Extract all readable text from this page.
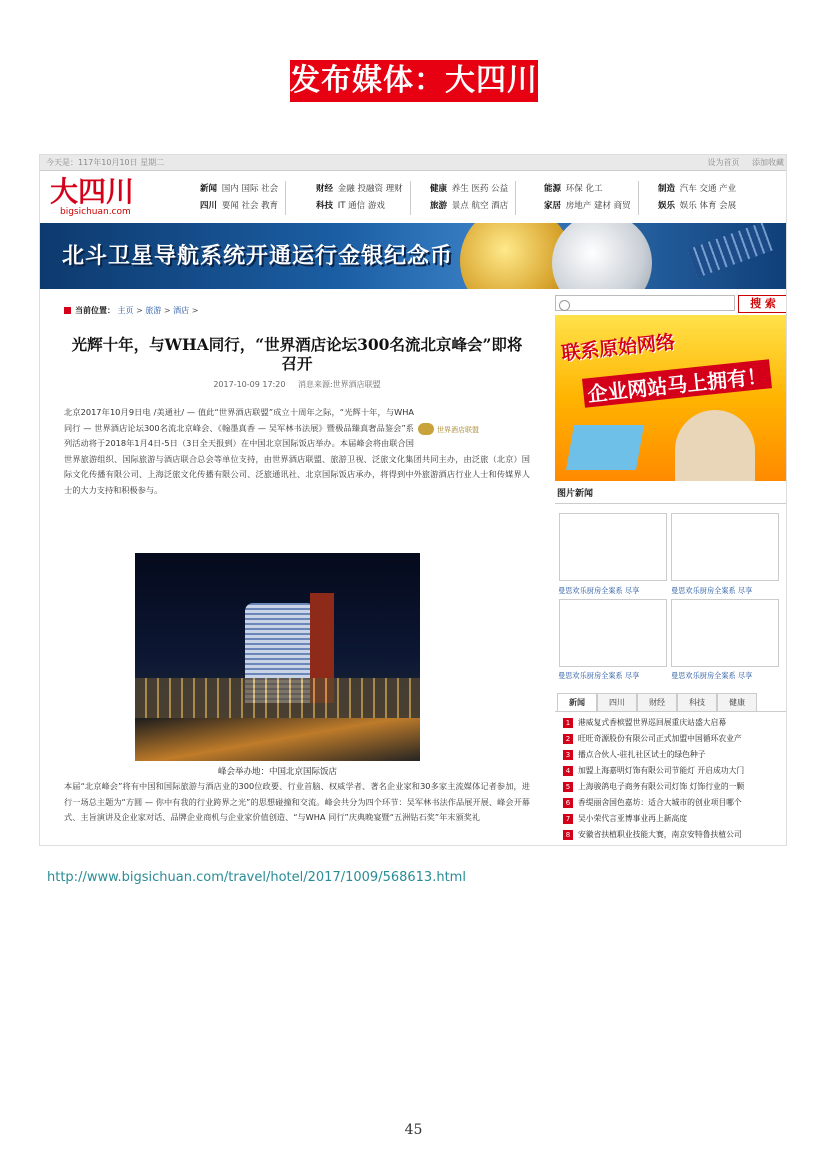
发布媒体：大四川
今天是：117年10月10日 星期二	设为首页 添加收藏
大四川
bigsichuan.com
新闻 国内 国际 社会
四川 要闻 社会 教育
财经 金融 投融资 理财
科技 IT 通信 游戏
健康 养生 医药 公益
旅游 景点 航空 酒店
能源 环保 化工
家居 房地产 建材 商贸
制造 汽车 交通 产业
娱乐 娱乐 体育 会展
北斗卫星导航系统开通运行金银纪念币
当前位置： 主页 > 旅游 > 酒店 >
光辉十年，与WHA同行，“世界酒店论坛300名流北京峰会”即将召开
2017-10-09 17:20 消息来源:世界酒店联盟
世界酒店联盟
北京2017年10月9日电 /美通社/ — 值此“世界酒店联盟”成立十周年之际，“光辉十年，与WHA同行 — 世界酒店论坛300名流北京峰会、《翰墨真香 — 吴军林书法展》暨极品臻真奢品鉴会”系列活动将于2018年1月4日-5日（3日全天报到）在中国北京国际饭店举办。本届峰会将由联合国世界旅游组织、国际旅游与酒店联合总会等单位支持，由世界酒店联盟、旅游卫视、泛旅文化集团共同主办，由泛旅（北京）国际文化传播有限公司、上海泛旅文化传播有限公司、泛旅通讯社、北京国际饭店承办，将得到中外旅游酒店行业人士和传媒界人士的大力支持和积极参与。
峰会举办地：中国北京国际饭店
本届“北京峰会”将有中国和国际旅游与酒店业的300位政要、行业首脑、权威学者、著名企业家和30多家主流媒体记者参加，进行一场总主题为“方圆 — 你中有我的行业跨界之光”的思想碰撞和交流。峰会共分为四个环节：吴军林书法作品展开展、峰会开幕式、主旨演讲及企业家对话、品牌企业商机与企业家价值创造、“与WHA 同行”庆典晚宴暨“五洲钻石奖”年末颁奖礼
搜 索
联系原始网络
企业网站马上拥有！
图片新闻
曼思欢乐厨房全案系 尽享	曼思欢乐厨房全案系 尽享
曼思欢乐厨房全案系 尽享	曼思欢乐厨房全案系 尽享
新闻	四川	财经	科技	健康
1 港威复式香槟盟世界巡回展重庆站盛大启幕
2 旺旺奇源股份有限公司正式加盟中国循环农业产
3 播点合伙人-驻扎社区试士的绿色种子
4 加盟上海嘉明灯饰有限公司节能灯 开启成功大门
5 上海骏鸽电子商务有限公司灯饰 灯饰行业的一颗
6 香缇丽舍国色嘉坊：适合大城市的创业项目哪个
7 吴小荣代言亚博事业再上新高度
8 安徽省扶植职业技能大赛，南京安特鲁扶植公司
http://www.bigsichuan.com/travel/hotel/2017/1009/568613.html
45
